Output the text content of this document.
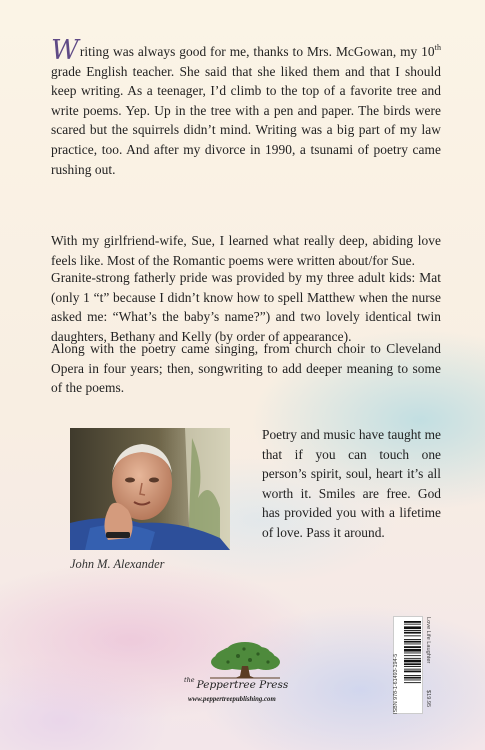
Writing was always good for me, thanks to Mrs. McGowan, my 10th grade English teacher. She said that she liked them and that I should keep writing. As a teenager, I’d climb to the top of a favorite tree and write poems. Yep. Up in the tree with a pen and paper. The birds were scared but the squirrels didn’t mind. Writing was a big part of my law practice, too. And after my divorce in 1990, a tsunami of poetry came rushing out.

With my girlfriend-wife, Sue, I learned what really deep, abiding love feels like. Most of the Romantic poems were written about/for Sue.

Granite-strong fatherly pride was provided by my three adult kids: Mat (only 1 “t” because I didn’t know how to spell Matthew when the nurse asked me: “What’s the baby’s name?”) and two lovely identical twin daughters, Bethany and Kelly (by order of appearance).

Along with the poetry came singing, from church choir to Cleveland Opera in four years; then, songwriting to add deeper meaning to some of the poems.

John M. Alexander

Poetry and music have taught me that if you can touch one person’s spirit, soul, heart it’s all worth it. Smiles are free. God has provided you with a lifetime of love. Pass it around.

$^{the}$ Peppertree Press
www.peppertreepublishing.com	ISBN 978-1-61493-194-5
Love Life Laughter
$19.95
